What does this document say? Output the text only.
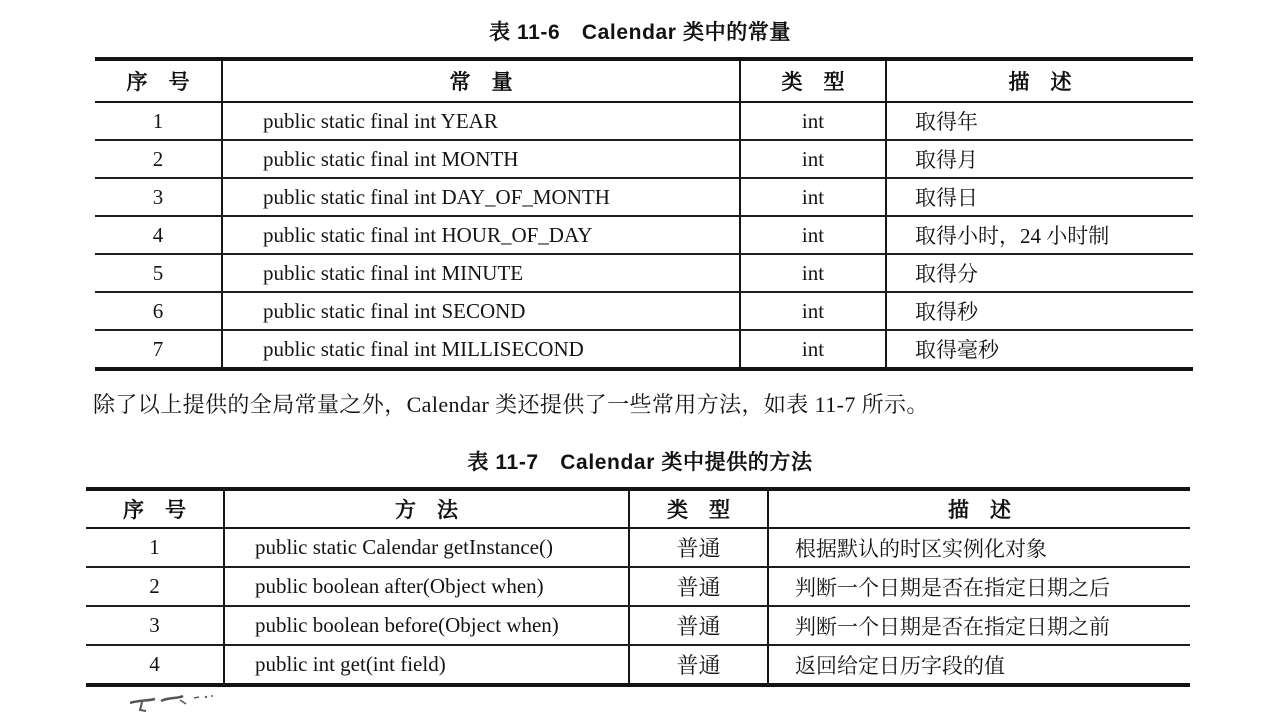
表 11-6　Calendar 类中的常量
序　号	常　量	类　型	描　述
1	public static final int YEAR	int	取得年
2	public static final int MONTH	int	取得月
3	public static final int DAY_OF_MONTH	int	取得日
4	public static final int HOUR_OF_DAY	int	取得小时，24 小时制
5	public static final int MINUTE	int	取得分
6	public static final int SECOND	int	取得秒
7	public static final int MILLISECOND	int	取得毫秒
除了以上提供的全局常量之外，Calendar 类还提供了一些常用方法，如表 11-7 所示。
表 11-7　Calendar 类中提供的方法
序　号	方　法	类　型	描　述
1	public static Calendar getInstance()	普通	根据默认的时区实例化对象
2	public boolean after(Object when)	普通	判断一个日期是否在指定日期之后
3	public boolean before(Object when)	普通	判断一个日期是否在指定日期之前
4	public int get(int field)	普通	返回给定日历字段的值
